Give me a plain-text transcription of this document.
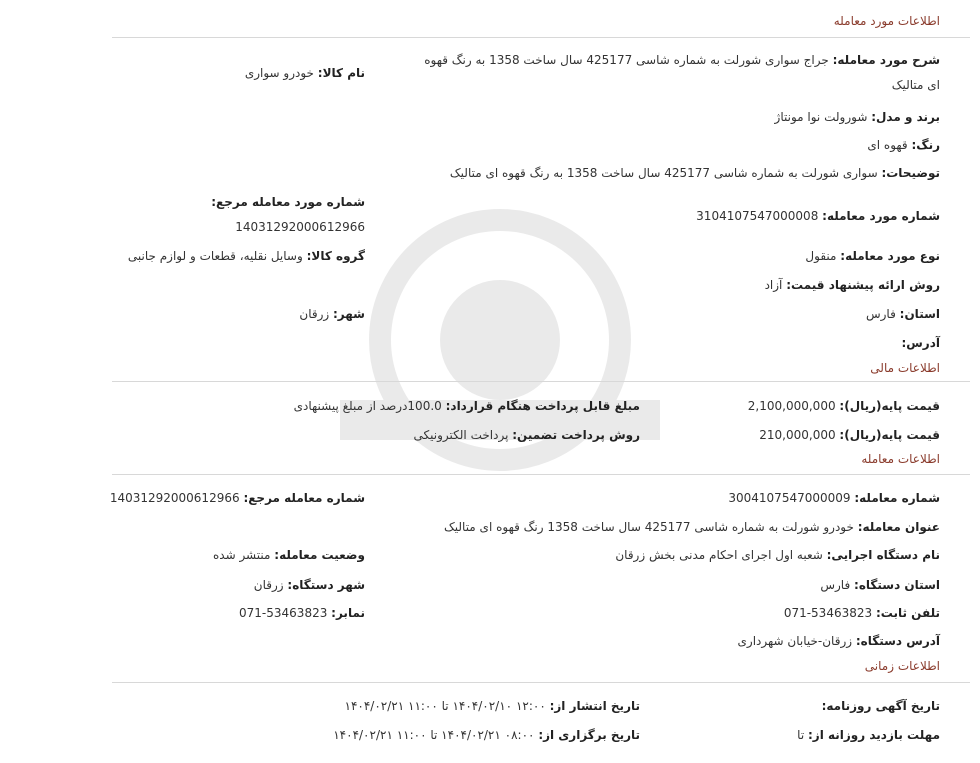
اطلاعات مورد معامله
شرح مورد معامله: جراج سواری شورلت به شماره شاسی 425177 سال ساخت 1358 به رنگ قهوه
ای متالیک
نام کالا: خودرو سواری
برند و مدل: شورولت نوا مونتاژ
رنگ: قهوه ای
توضیحات: سواری شورلت به شماره شاسی 425177 سال ساخت 1358 به رنگ قهوه ای متالیک
شماره مورد معامله مرجع:
14031292000612966
شماره مورد معامله: 3104107547000008
گروه کالا: وسایل نقلیه، قطعات و لوازم جانبی	نوع مورد معامله: منقول
روش ارائه پیشنهاد قیمت: آزاد
استان: فارس
شهر: زرقان
آدرس:
اطلاعات مالی
قیمت پایه(ریال): 2,100,000,000
مبلغ قابل پرداخت هنگام قرارداد: 100.0درصد از مبلغ پیشنهادی
قیمت پایه(ریال): 210,000,000
روش پرداخت تضمین: پرداخت الکترونیکی
اطلاعات معامله
شماره معامله: 3004107547000009
شماره معامله مرجع: 14031292000612966
عنوان معامله: خودرو شورلت به شماره شاسی 425177 سال ساخت 1358 رنگ قهوه ای متالیک
نام دستگاه اجرایی: شعبه اول اجرای احکام مدنی بخش زرقان
وضعیت معامله: منتشر شده
استان دستگاه: فارس
شهر دستگاه: زرقان
تلفن ثابت: 071-53463823
نمابر: 071-53463823
آدرس دستگاه: زرقان-خیابان شهرداری
اطلاعات زمانی
تاریخ آگهی روزنامه:
تاریخ انتشار از: ۱۲:۰۰ ۱۴۰۴/۰۲/۱۰ تا ۱۱:۰۰ ۱۴۰۴/۰۲/۲۱
مهلت بازدید روزانه از: تا
تاریخ برگزاری از: ۰۸:۰۰ ۱۴۰۴/۰۲/۲۱ تا ۱۱:۰۰ ۱۴۰۴/۰۲/۲۱
